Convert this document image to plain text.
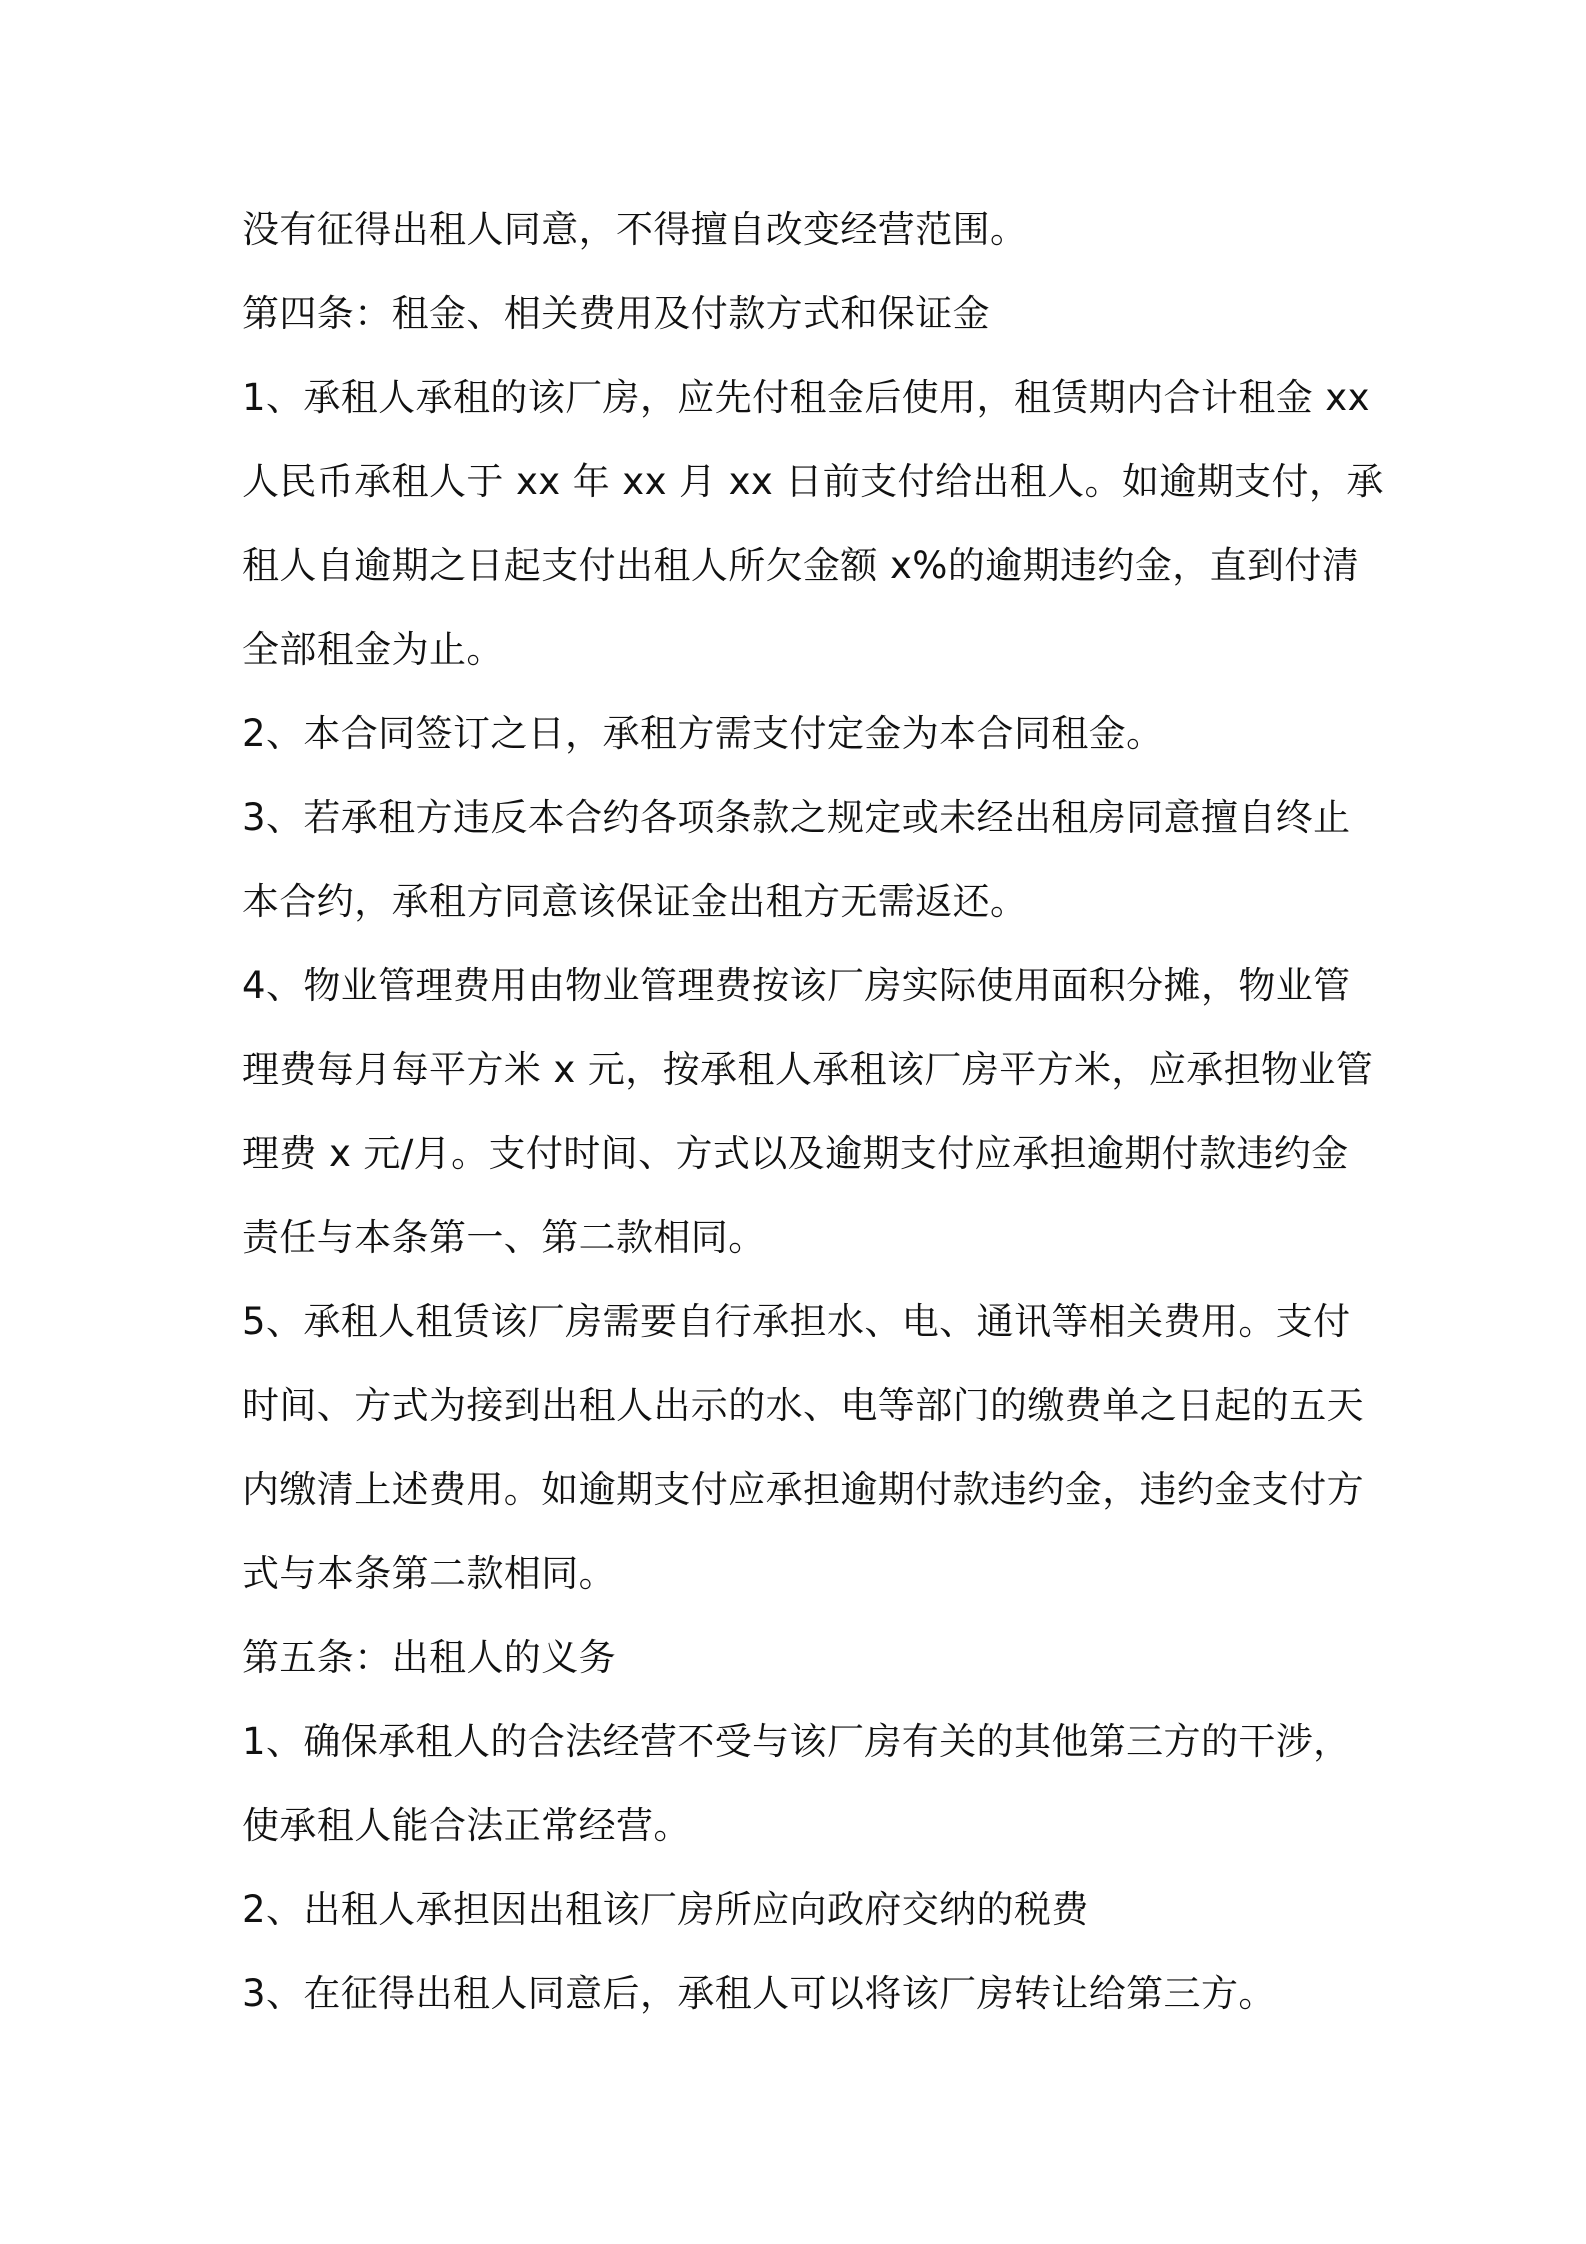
没有征得出租人同意，不得擅自改变经营范围。

第四条：租金、相关费用及付款方式和保证金

1、承租人承租的该厂房，应先付租金后使用，租赁期内合计租金 xx

人民币承租人于 xx 年 xx 月 xx 日前支付给出租人。如逾期支付，承

租人自逾期之日起支付出租人所欠金额 x%的逾期违约金，直到付清

全部租金为止。

2、本合同签订之日，承租方需支付定金为本合同租金。

3、若承租方违反本合约各项条款之规定或未经出租房同意擅自终止

本合约，承租方同意该保证金出租方无需返还。

4、物业管理费用由物业管理费按该厂房实际使用面积分摊，物业管

理费每月每平方米 x 元，按承租人承租该厂房平方米，应承担物业管

理费 x 元/月。支付时间、方式以及逾期支付应承担逾期付款违约金

责任与本条第一、第二款相同。

5、承租人租赁该厂房需要自行承担水、电、通讯等相关费用。支付

时间、方式为接到出租人出示的水、电等部门的缴费单之日起的五天

内缴清上述费用。如逾期支付应承担逾期付款违约金，违约金支付方

式与本条第二款相同。

第五条：出租人的义务

1、确保承租人的合法经营不受与该厂房有关的其他第三方的干涉，

使承租人能合法正常经营。

2、出租人承担因出租该厂房所应向政府交纳的税费

3、在征得出租人同意后，承租人可以将该厂房转让给第三方。
